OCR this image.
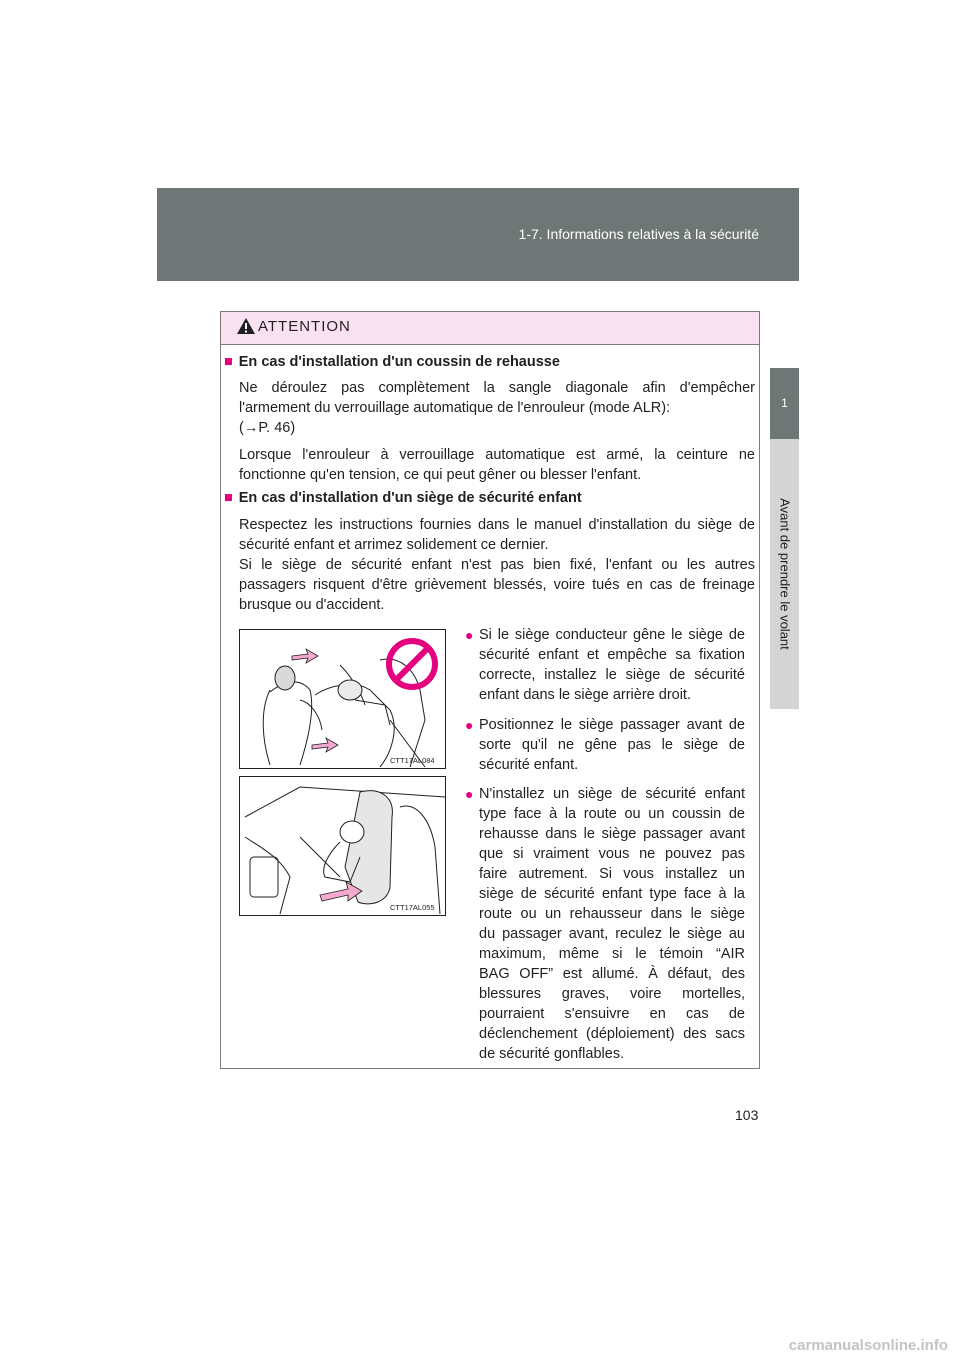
1-7. Informations relatives à la sécurité
1
Avant de prendre le volant
ATTENTION
■ En cas d'installation d'un coussin de rehausse
Ne déroulez pas complètement la sangle diagonale afin d'empêcher
l'armement du verrouillage automatique de l'enrouleur (mode ALR):
(→P. 46)
Lorsque l'enrouleur à verrouillage automatique est armé, la ceinture ne
fonctionne qu'en tension, ce qui peut gêner ou blesser l'enfant.
■ En cas d'installation d'un siège de sécurité enfant
Respectez les instructions fournies dans le manuel d'installation du siège de
sécurité enfant et arrimez solidement ce dernier.
Si le siège de sécurité enfant n'est pas bien fixé, l'enfant ou les autres
passagers risquent d'être grièvement blessés, voire tués en cas de freinage
brusque ou d'accident.
CTT17AL084
CTT17AL055
● Si le siège conducteur gêne le siège de
sécurité enfant et empêche sa fixation
correcte, installez le siège de sécurité
enfant dans le siège arrière droit.
● Positionnez le siège passager avant de
sorte qu'il ne gêne pas le siège de
sécurité enfant.
● N'installez un siège de sécurité enfant
type face à la route ou un coussin de
rehausse dans le siège passager avant
que si vraiment vous ne pouvez pas
faire autrement. Si vous installez un
siège de sécurité enfant type face à la
route ou un rehausseur dans le siège
du passager avant, reculez le siège au
maximum, même si le témoin “AIR
BAG OFF” est allumé. À défaut, des
blessures graves, voire mortelles,
pourraient s'ensuivre en cas de
déclenchement (déploiement) des sacs
de sécurité gonflables.
103
carmanualsonline.info
